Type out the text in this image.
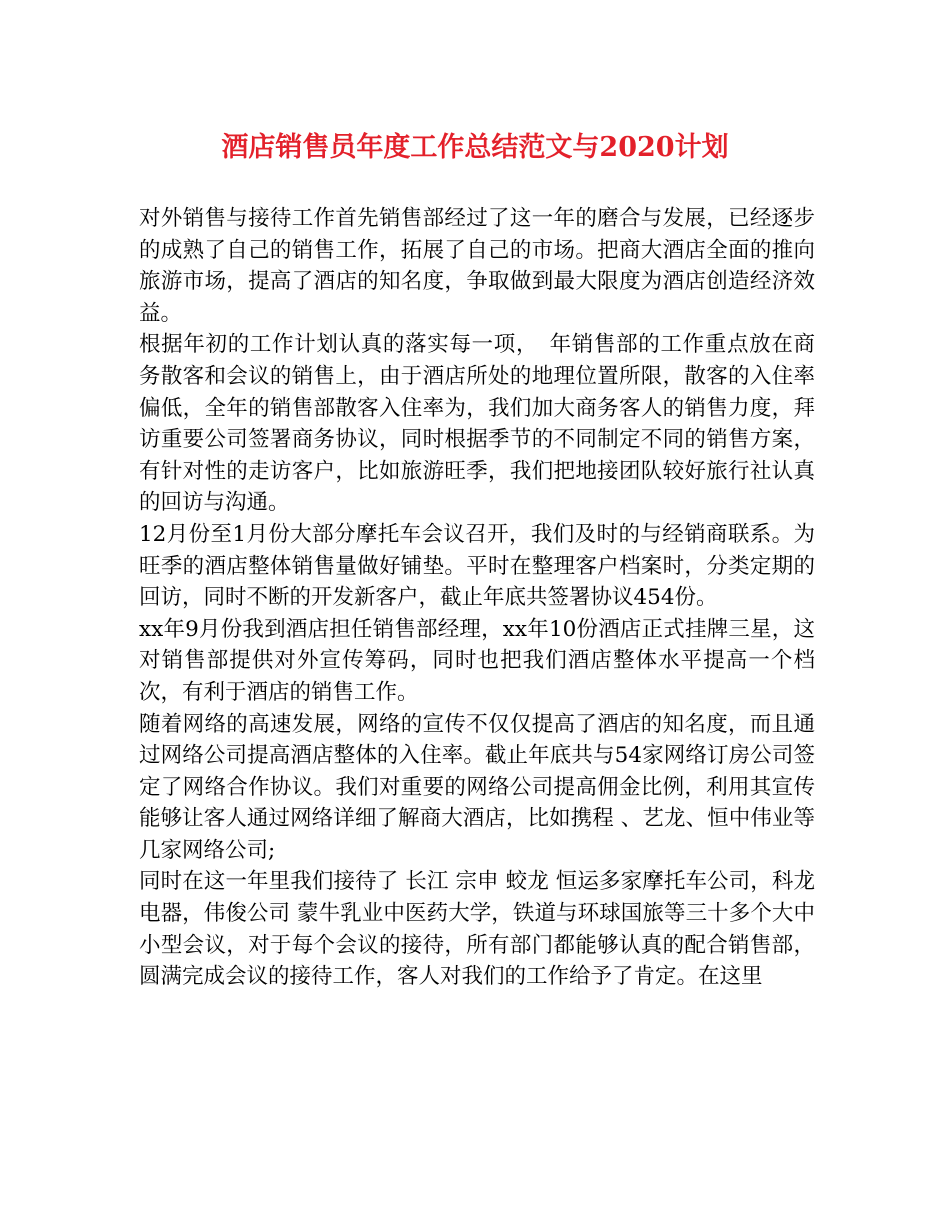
酒店销售员年度工作总结范文与2020计划

对外销售与接待工作首先销售部经过了这一年的磨合与发展，已经逐步的成熟了自己的销售工作，拓展了自己的市场。把商大酒店全面的推向旅游市场，提高了酒店的知名度，争取做到最大限度为酒店创造经济效益。

根据年初的工作计划认真的落实每一项，　年销售部的工作重点放在商务散客和会议的销售上，由于酒店所处的地理位置所限，散客的入住率偏低，全年的销售部散客入住率为，我们加大商务客人的销售力度，拜访重要公司签署商务协议，同时根据季节的不同制定不同的销售方案，有针对性的走访客户，比如旅游旺季，我们把地接团队较好旅行社认真的回访与沟通。

12月份至1月份大部分摩托车会议召开，我们及时的与经销商联系。为旺季的酒店整体销售量做好铺垫。平时在整理客户档案时，分类定期的回访，同时不断的开发新客户，截止年底共签署协议454份。

xx年9月份我到酒店担任销售部经理，xx年10份酒店正式挂牌三星，这对销售部提供对外宣传筹码，同时也把我们酒店整体水平提高一个档次，有利于酒店的销售工作。

随着网络的高速发展，网络的宣传不仅仅提高了酒店的知名度，而且通过网络公司提高酒店整体的入住率。截止年底共与54家网络订房公司签定了网络合作协议。我们对重要的网络公司提高佣金比例，利用其宣传能够让客人通过网络详细了解商大酒店，比如携程 、艺龙、恒中伟业等几家网络公司;

同时在这一年里我们接待了 长江 宗申 蛟龙 恒运多家摩托车公司，科龙电器，伟俊公司 蒙牛乳业中医药大学，铁道与环球国旅等三十多个大中小型会议，对于每个会议的接待，所有部门都能够认真的配合销售部，圆满完成会议的接待工作，客人对我们的工作给予了肯定。在这里
